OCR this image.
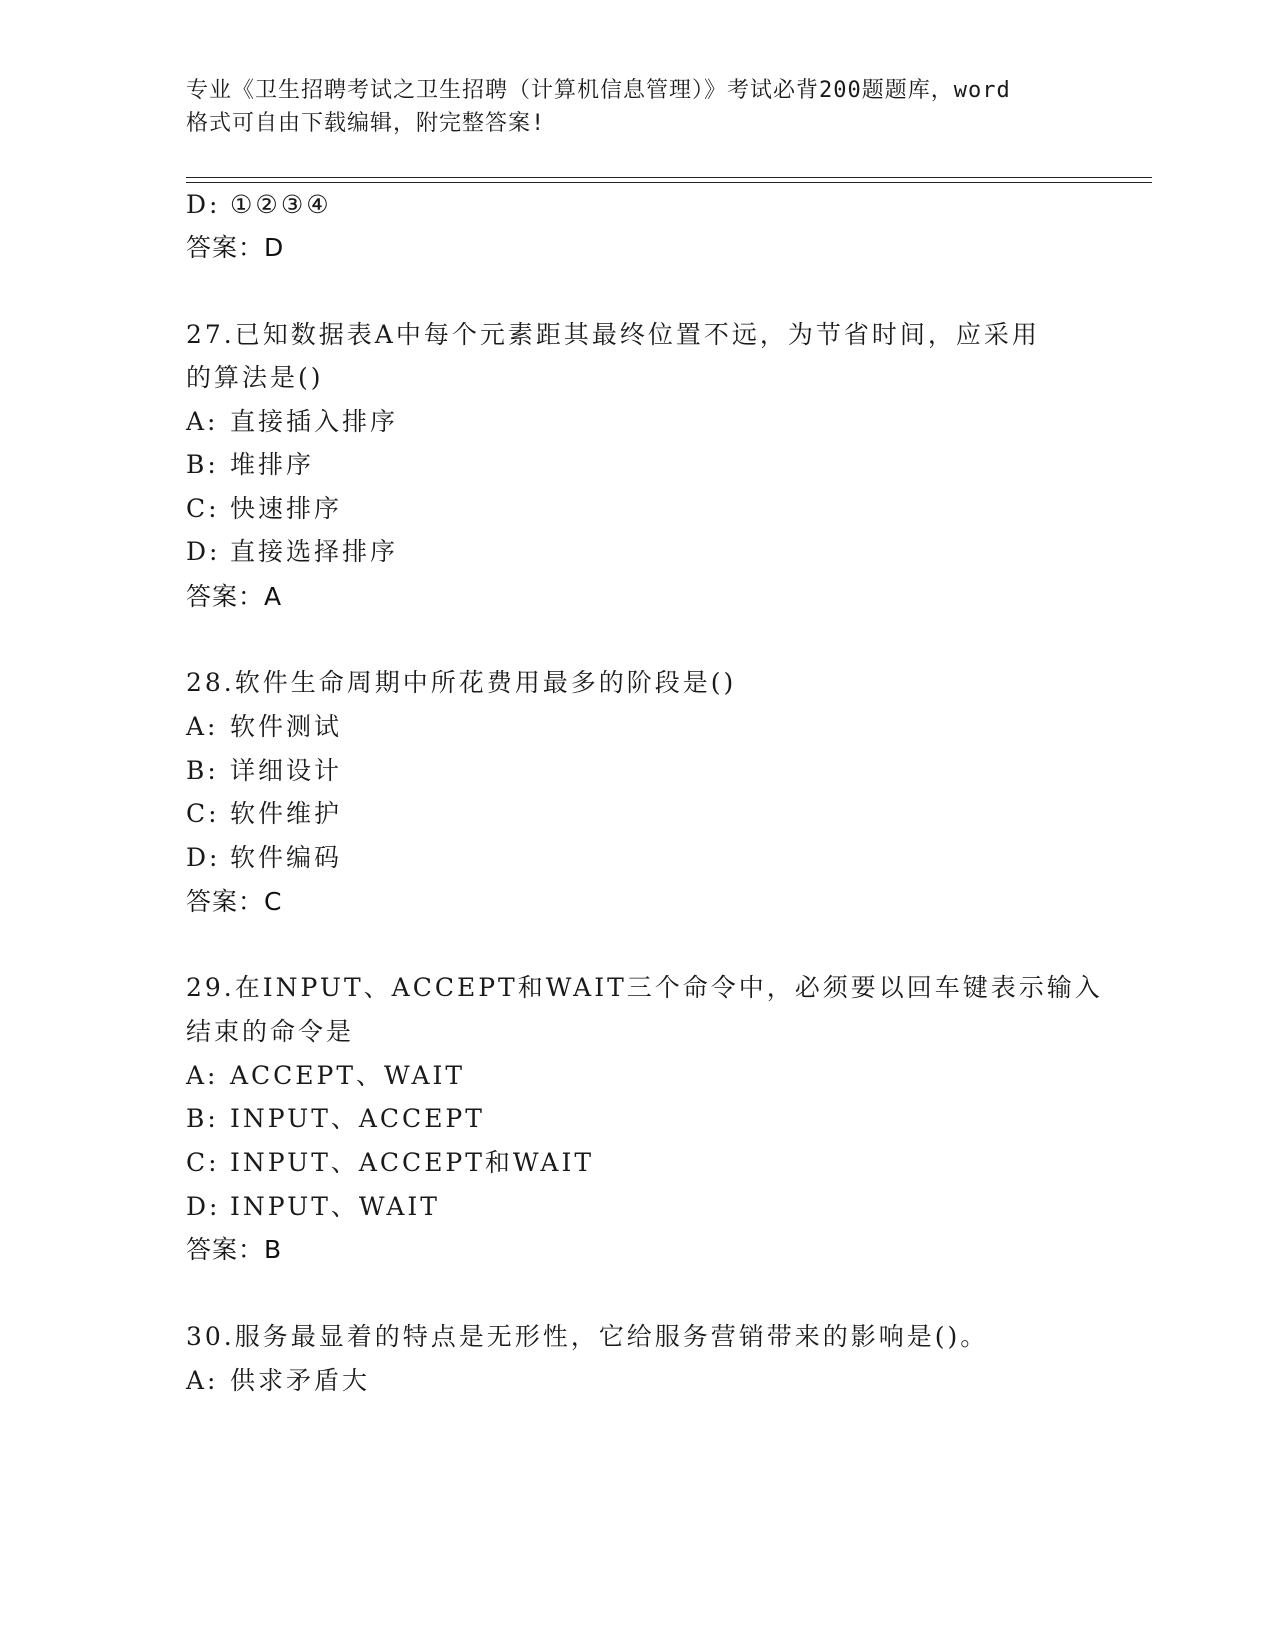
专业《卫生招聘考试之卫生招聘（计算机信息管理）》考试必背200题题库，word
格式可自由下载编辑，附完整答案!
D: ①②③④
答案：D
27.已知数据表A中每个元素距其最终位置不远，为节省时间，应采用
的算法是()
A: 直接插入排序
B: 堆排序
C: 快速排序
D: 直接选择排序
答案：A
28.软件生命周期中所花费用最多的阶段是()
A: 软件测试
B: 详细设计
C: 软件维护
D: 软件编码
答案：C
29.在INPUT、ACCEPT和WAIT三个命令中，必须要以回车键表示输入
结束的命令是
A: ACCEPT、WAIT
B: INPUT、ACCEPT
C: INPUT、ACCEPT和WAIT
D: INPUT、WAIT
答案：B
30.服务最显着的特点是无形性，它给服务营销带来的影响是()。
A: 供求矛盾大
